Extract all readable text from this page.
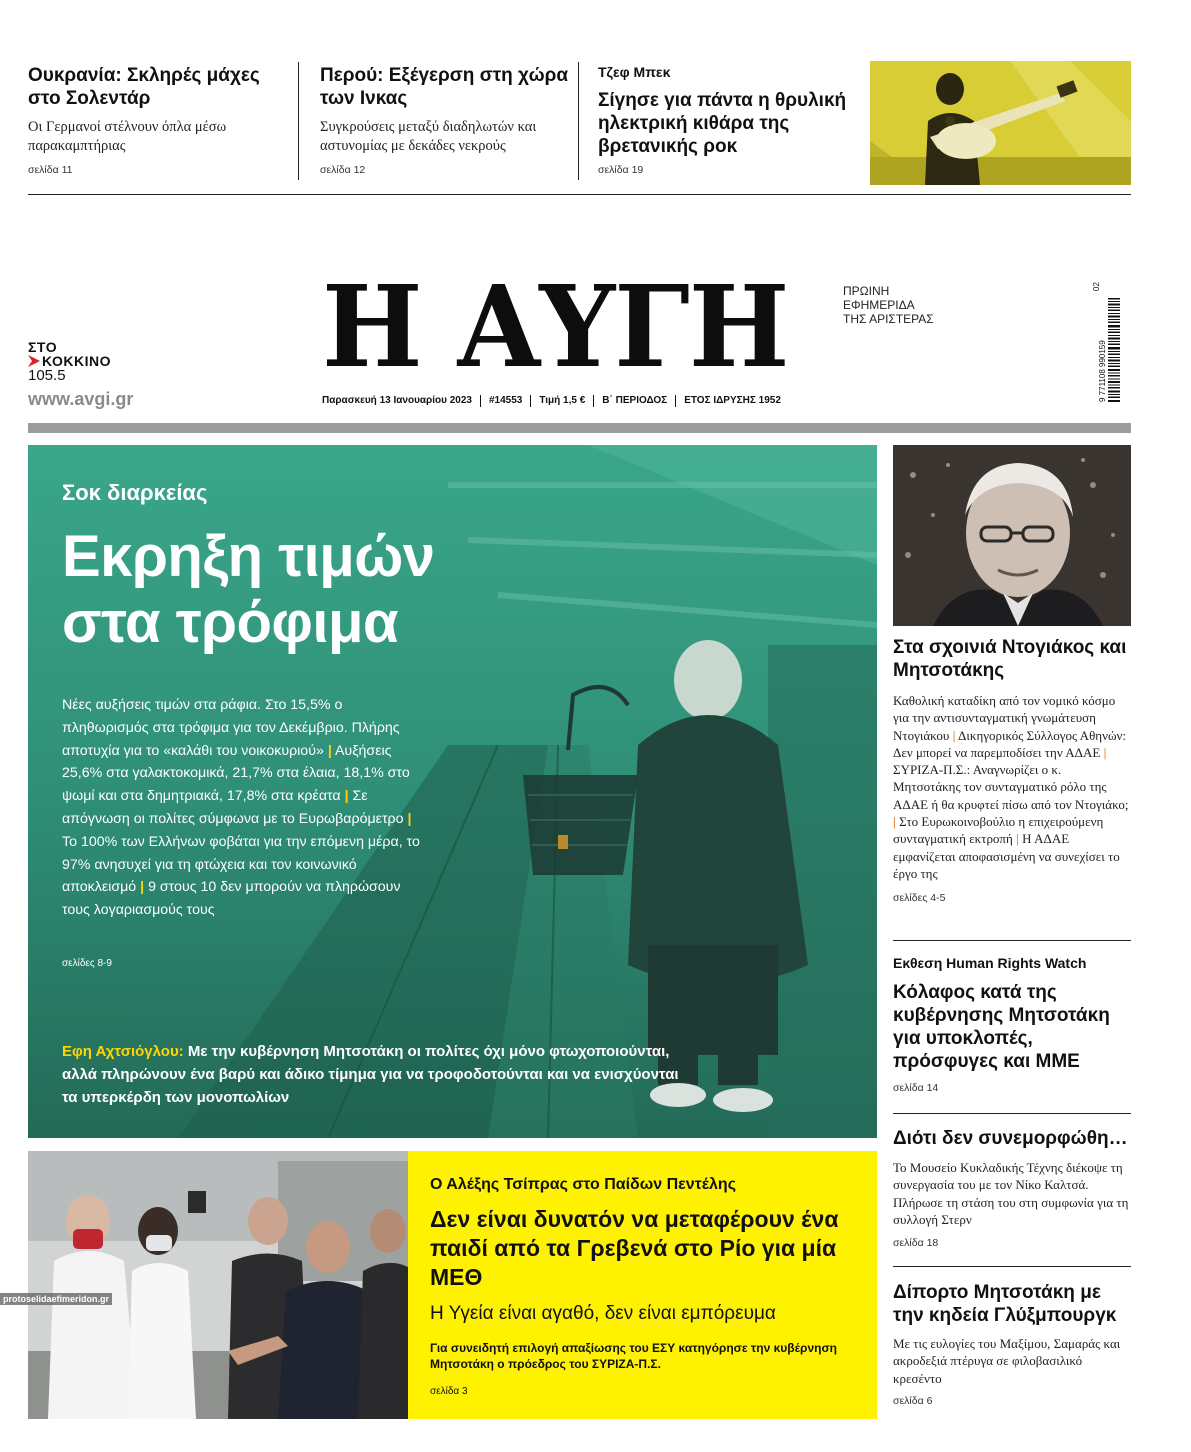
Ουκρανία: Σκληρές μάχες στο Σολεντάρ
Οι Γερμανοί στέλνουν όπλα μέσω παρακαμπτήριας
σελίδα 11
Περού: Εξέγερση στη χώρα των Ινκας
Συγκρούσεις μεταξύ διαδηλωτών και αστυνομίας με δεκάδες νεκρούς
σελίδα 12
Τζεφ Μπεκ
Σίγησε για πάντα η θρυλική ηλεκτρική κιθάρα της βρετανικής ροκ
σελίδα 19
Η ΑΥΓΗ	ΠΡΩΙΝΗ
ΕΦΗΜΕΡΙΔΑ
ΤΗΣ ΑΡΙΣΤΕΡΑΣ
Παρασκευή 13 Ιανουαρίου 2023	#14553	Τιμή 1,5 €	Β΄ ΠΕΡΙΟΔΟΣ	ΕΤΟΣ ΙΔΡΥΣΗΣ 1952
ΣΤΟ
ΚΟΚΚΙΝΟ
105.5
www.avgi.gr	9 771108 990159
02
Σοκ διαρκείας
Εκρηξη τιμών
στα τρόφιμα
Νέες αυξήσεις τιμών στα ράφια. Στο 15,5% ο πληθωρισμός στα τρόφιμα για τον Δεκέμβριο. Πλήρης αποτυχία για το «καλάθι του νοικοκυριού» | Αυξήσεις 25,6% στα γαλακτοκομικά, 21,7% στα έλαια, 18,1% στο ψωμί και στα δημητριακά, 17,8% στα κρέατα | Σε απόγνωση οι πολίτες σύμφωνα με το Ευρωβαρόμετρο | Το 100% των Ελλήνων φοβάται για την επόμενη μέρα, το 97% ανησυχεί για τη φτώχεια και τον κοινωνικό αποκλεισμό | 9 στους 10 δεν μπορούν να πληρώσουν τους λογαριασμούς τους
σελίδες 8-9
Εφη Αχτσιόγλου: Με την κυβέρνηση Μητσοτάκη οι πολίτες όχι μόνο φτωχοποιούνται, αλλά πληρώνουν ένα βαρύ και άδικο τίμημα για να τροφοδοτούνται και να ενισχύονται τα υπερκέρδη των μονοπωλίων
Στα σχοινιά Ντογιάκος και Μητσοτάκης
Καθολική καταδίκη από τον νομικό κόσμο για την αντισυνταγματική γνωμάτευση Ντογιάκου | Δικηγορικός Σύλλογος Αθηνών: Δεν μπορεί να παρεμποδίσει την ΑΔΑΕ | ΣΥΡΙΖΑ-Π.Σ.: Αναγνωρίζει ο κ. Μητσοτάκης τον συνταγματικό ρόλο της ΑΔΑΕ ή θα κρυφτεί πίσω από τον Ντογιάκο; | Στο Ευρωκοινοβούλιο η επιχειρούμενη συνταγματική εκτροπή | Η ΑΔΑΕ εμφανίζεται αποφασισμένη να συνεχίσει το έργο της
σελίδες 4-5
Εκθεση Human Rights Watch
Κόλαφος κατά της κυβέρνησης Μητσοτάκη για υποκλοπές, πρόσφυγες και ΜΜΕ
σελίδα 14
Διότι δεν συνεμορφώθη…
Το Μουσείο Κυκλαδικής Τέχνης διέκοψε τη συνεργασία του με τον Νίκο Καλτσά. Πλήρωσε τη στάση του στη συμφωνία για τη συλλογή Στερν
σελίδα 18
Δίπορτο Μητσοτάκη με την κηδεία Γλύξμπουργκ
Με τις ευλογίες του Μαξίμου, Σαμαράς και ακροδεξιά πτέρυγα σε φιλοβασιλικό κρεσέντο
σελίδα 6
Ο Αλέξης Τσίπρας στο Παίδων Πεντέλης
Δεν είναι δυνατόν να μεταφέρουν ένα παιδί από τα Γρεβενά στο Ρίο για μία ΜΕΘ
Η Υγεία είναι αγαθό, δεν είναι εμπόρευμα
Για συνειδητή επιλογή απαξίωσης του ΕΣΥ κατηγόρησε την κυβέρνηση Μητσοτάκη ο πρόεδρος του ΣΥΡΙΖΑ-Π.Σ.
σελίδα 3
protoselidaefimeridon.gr
